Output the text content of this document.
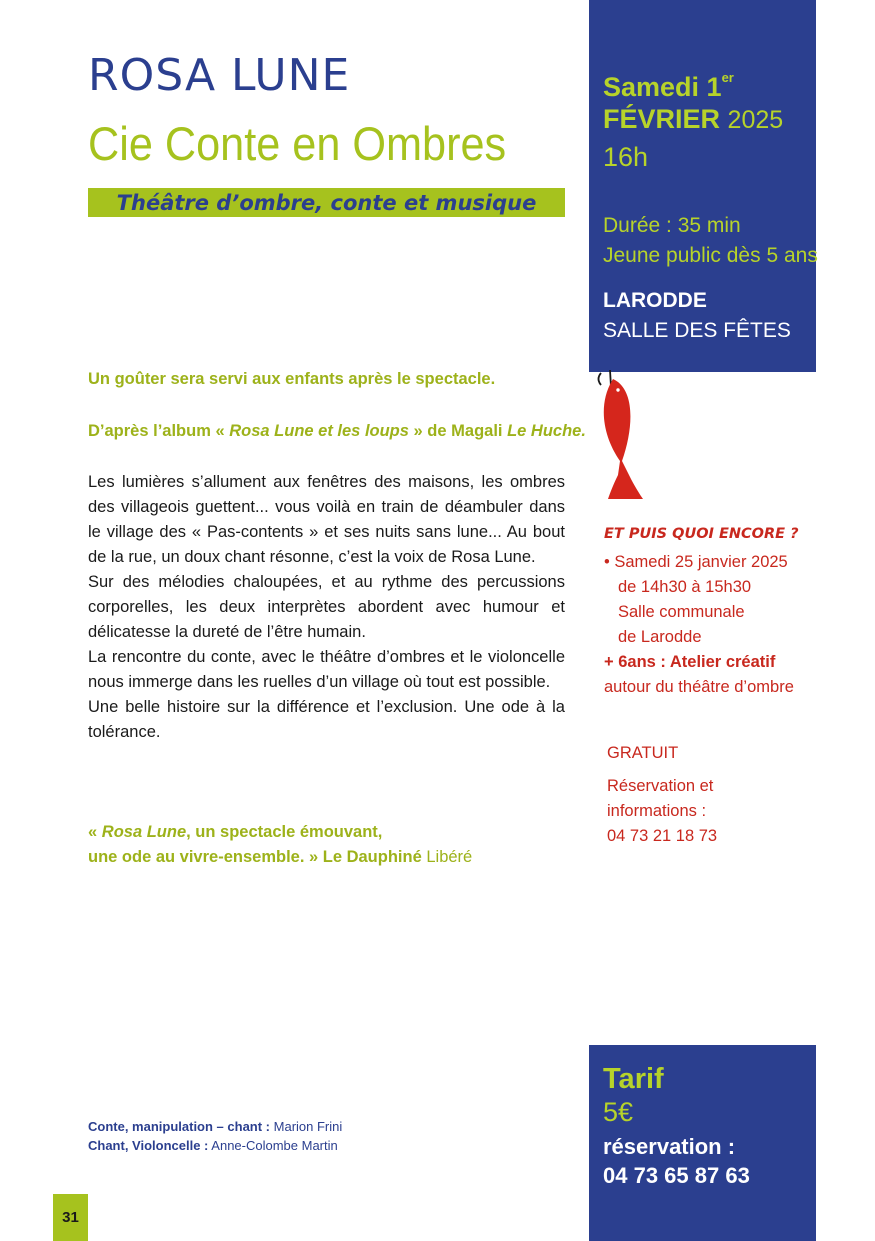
ROSA LUNE
Cie Conte en Ombres
Théâtre d’ombre, conte et musique

Un goûter sera servi aux enfants après le spectacle.

D’après l’album « Rosa Lune et les loups » de Magali Le Huche.

Les lumières s’allument aux fenêtres des maisons, les ombres des villageois guettent... vous voilà en train de déambuler dans le village des « Pas-contents » et ses nuits sans lune... Au bout de la rue, un doux chant résonne, c’est la voix de Rosa Lune.

Sur des mélodies chaloupées, et au rythme des percussions corporelles, les deux interprètes abordent avec humour et délicatesse la dureté de l’être humain.

La rencontre du conte, avec le théâtre d’ombres et le violoncelle nous immerge dans les ruelles d’un village où tout est possible.

Une belle histoire sur la différence et l’exclusion. Une ode à la tolérance.

« Rosa Lune, un spectacle émouvant,
une ode au vivre-ensemble. » Le Dauphiné Libéré

Conte, manipulation – chant : Marion Frini
Chant, Violoncelle : Anne-Colombe Martin
31
Samedi 1er
FÉVRIER 2025
16h
Durée : 35 min
Jeune public dès 5 ans
LARODDE
SALLE DES FÊTES
ET PUIS QUOI ENCORE ?
• Samedi 25 janvier 2025
de 14h30 à 15h30
Salle communale
de Larodde
+ 6ans : Atelier créatif
autour du théâtre d’ombre
GRATUIT
Réservation et
informations :
04 73 21 18 73
Tarif
5€
réservation :
04 73 65 87 63
